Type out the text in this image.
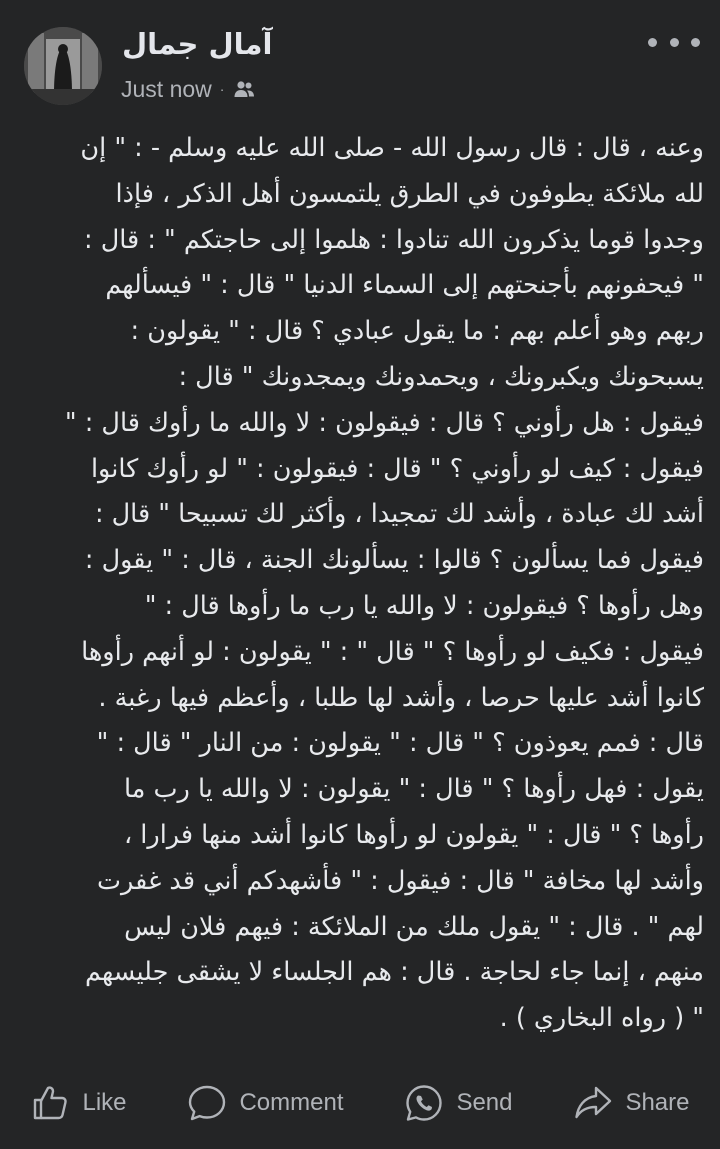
آمال جمال
Just now ·
وعنه ، قال : قال رسول الله - صلى الله عليه وسلم - : " إن
لله ملائكة يطوفون في الطرق يلتمسون أهل الذكر ، فإذا
وجدوا قوما يذكرون الله تنادوا : هلموا إلى حاجتكم " : قال :
" فيحفونهم بأجنحتهم إلى السماء الدنيا " قال : " فيسألهم
ربهم وهو أعلم بهم : ما يقول عبادي ؟ قال : " يقولون :
يسبحونك ويكبرونك ، ويحمدونك ويمجدونك " قال :
فيقول : هل رأوني ؟ قال : فيقولون : لا والله ما رأوك قال : "
فيقول : كيف لو رأوني ؟ " قال : فيقولون : " لو رأوك كانوا
أشد لك عبادة ، وأشد لك تمجيدا ، وأكثر لك تسبيحا " قال :
فيقول فما يسألون ؟ قالوا : يسألونك الجنة ، قال : " يقول :
وهل رأوها ؟ فيقولون : لا والله يا رب ما رأوها قال : "
فيقول : فكيف لو رأوها ؟ " قال " : " يقولون : لو أنهم رأوها
كانوا أشد عليها حرصا ، وأشد لها طلبا ، وأعظم فيها رغبة .
قال : فمم يعوذون ؟ " قال : " يقولون : من النار " قال : "
يقول : فهل رأوها ؟ " قال : " يقولون : لا والله يا رب ما
رأوها ؟ " قال : " يقولون لو رأوها كانوا أشد منها فرارا ،
وأشد لها مخافة " قال : فيقول : " فأشهدكم أني قد غفرت
لهم " . قال : " يقول ملك من الملائكة : فيهم فلان ليس
منهم ، إنما جاء لحاجة . قال : هم الجلساء لا يشقى جليسهم
" ( رواه البخاري ) .
Like	Comment	Send	Share
